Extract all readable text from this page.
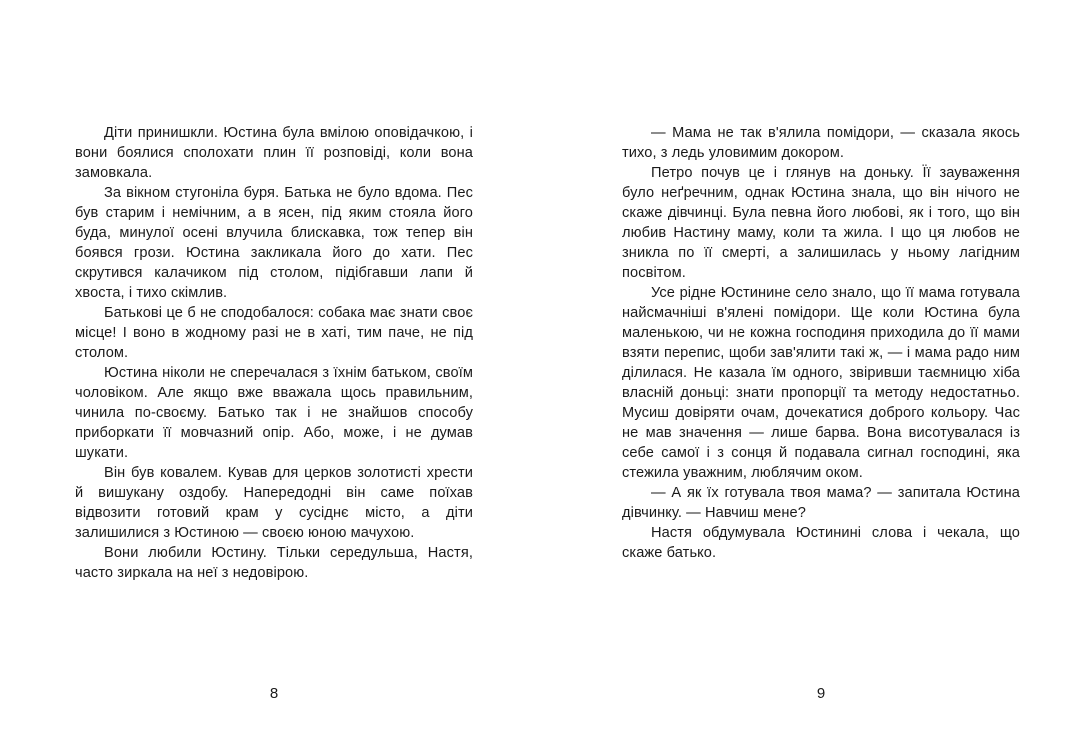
Діти принишкли. Юстина була вмілою оповідачкою, і вони боялися сполохати плин її розповіді, коли вона замовкала.

За вікном стугоніла буря. Батька не було вдома. Пес був старим і немічним, а в ясен, під яким стояла його буда, минулої осені влучила блискавка, тож тепер він боявся грози. Юстина закликала його до хати. Пес скрутився калачиком під столом, підібгавши лапи й хвоста, і тихо скімлив.

Батькові це б не сподобалося: собака має знати своє місце! І воно в жодному разі не в хаті, тим паче, не під столом.

Юстина ніколи не сперечалася з їхнім батьком, своїм чоловіком. Але якщо вже вважала щось правильним, чинила по-своєму. Батько так і не знайшов способу приборкати її мовчазний опір. Або, може, і не думав шукати.

Він був ковалем. Кував для церков золотисті хрести й вишукану оздобу. Напередодні він саме поїхав відвозити готовий крам у сусіднє місто, а діти залишилися з Юстиною — своєю юною мачухою.

Вони любили Юстину. Тільки середульша, Настя, часто зиркала на неї з недовірою.

8

— Мама не так в'ялила помідори, — сказала якось тихо, з ледь уловимим докором.

Петро почув це і глянув на доньку. Її зауваження було неґречним, однак Юстина знала, що він нічого не скаже дівчинці. Була певна його любові, як і того, що він любив Настину маму, коли та жила. І що ця любов не зникла по її смерті, а залишилась у ньому лагідним посвітом.

Усе рідне Юстинине село знало, що її мама готувала найсмачніші в'ялені помідори. Ще коли Юстина була маленькою, чи не кожна господиня приходила до її мами взяти перепис, щоби зав'ялити такі ж, — і мама радо ним ділилася. Не казала їм одного, звіривши таємницю хіба власній доньці: знати пропорції та методу недостатньо. Мусиш довіряти очам, дочекатися доброго кольору. Час не мав значення — лише барва. Вона висотувалася із себе самої і з сонця й подавала сигнал господині, яка стежила уважним, люблячим оком.

— А як їх готувала твоя мама? — запитала Юстина дівчинку. — Навчиш мене?

Настя обдумувала Юстинині слова і чекала, що скаже батько.

9
